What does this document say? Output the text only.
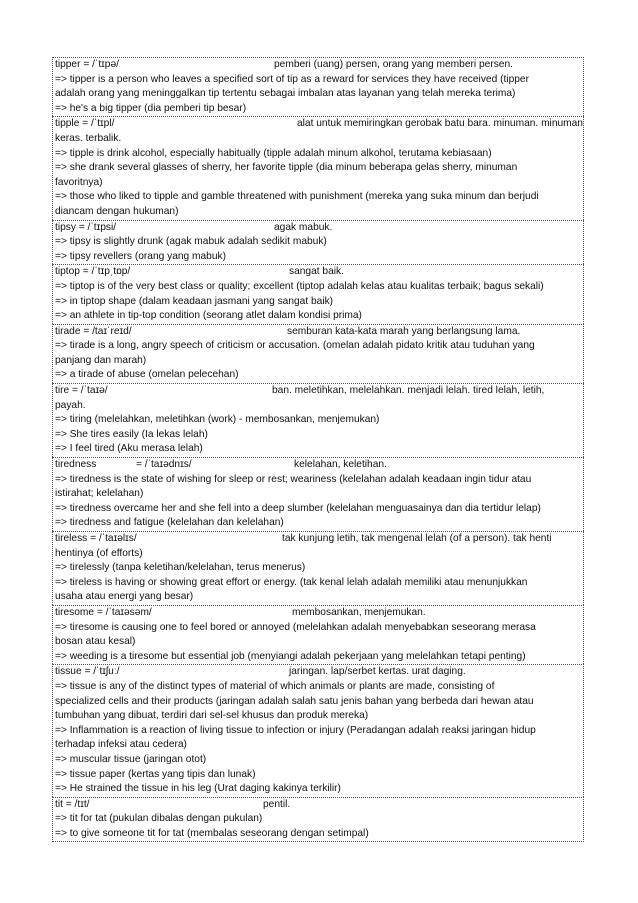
tipper = /ˈtɪpə/	pemberi (uang) persen, orang yang memberi persen.
=> tipper is a person who leaves a specified sort of tip as a reward for services they have received (tipper
adalah orang yang meninggalkan tip tertentu sebagai imbalan atas layanan yang telah mereka terima)
=> he's a big tipper (dia pemberi tip besar)
tipple = /ˈtɪpl/	alat untuk memiringkan gerobak batu bara. minuman. minuman
keras. terbalik.
=> tipple is drink alcohol, especially habitually (tipple adalah minum alkohol, terutama kebiasaan)
=> she drank several glasses of sherry, her favorite tipple (dia minum beberapa gelas sherry, minuman
favoritnya)
=> those who liked to tipple and gamble threatened with punishment (mereka yang suka minum dan berjudi
diancam dengan hukuman)
tipsy = /ˈtɪpsi/	agak mabuk.
=> tipsy is slightly drunk (agak mabuk adalah sedikit mabuk)
=> tipsy revellers (orang yang mabuk)
tiptop = /ˈtɪpˌtɒp/	sangat baik.
=> tiptop is of the very best class or quality; excellent (tiptop adalah kelas atau kualitas terbaik; bagus sekali)
=> in tiptop shape (dalam keadaan jasmani yang sangat baik)
=> an athlete in tip-top condition (seorang atlet dalam kondisi prima)
tirade = /taɪˈreɪd/	semburan kata-kata marah yang berlangsung lama.
=> tirade is a long, angry speech of criticism or accusation. (omelan adalah pidato kritik atau tuduhan yang
panjang dan marah)
=> a tirade of abuse (omelan pelecehan)
tire = /ˈtaɪə/	ban. meletihkan, melelahkan. menjadi lelah. tired lelah, letih,
payah.
=> tiring (melelahkan, meletihkan (work) - membosankan, menjemukan)
=> She tires easily (Ia lekas lelah)
=> I feel tired (Aku merasa lelah)
tiredness              = /ˈtaɪədnɪs/	kelelahan, keletihan.
=> tiredness is the state of wishing for sleep or rest; weariness (kelelahan adalah keadaan ingin tidur atau
istirahat; kelelahan)
=> tiredness overcame her and she fell into a deep slumber (kelelahan menguasainya dan dia tertidur lelap)
=> tiredness and fatigue (kelelahan dan kelelahan)
tireless = /ˈtaɪəlɪs/	tak kunjung letih, tak mengenal lelah (of a person). tak henti
hentinya (of efforts)
=> tirelessly (tanpa keletihan/kelelahan, terus menerus)
=> tireless is having or showing great effort or energy. (tak kenal lelah adalah memiliki atau menunjukkan
usaha atau energi yang besar)
tiresome = /ˈtaɪəsəm/	membosankan, menjemukan.
=> tiresome is causing one to feel bored or annoyed (melelahkan adalah menyebabkan seseorang merasa
bosan atau kesal)
=> weeding is a tiresome but essential job (menyiangi adalah pekerjaan yang melelahkan tetapi penting)
tissue = /ˈtɪʃuː/	jaringan. lap/serbet kertas. urat daging.
=> tissue is any of the distinct types of material of which animals or plants are made, consisting of
specialized cells and their products (jaringan adalah salah satu jenis bahan yang berbeda dari hewan atau
tumbuhan yang dibuat, terdiri dari sel-sel khusus dan produk mereka)
=> Inflammation is a reaction of living tissue to infection or injury (Peradangan adalah reaksi jaringan hidup
terhadap infeksi atau cedera)
=> muscular tissue (jaringan otot)
=> tissue paper (kertas yang tipis dan lunak)
=> He strained the tissue in his leg (Urat daging kakinya terkilir)
tit = /tɪt/	pentil.
=> tit for tat (pukulan dibalas dengan pukulan)
=> to give someone tit for tat (membalas seseorang dengan setimpal)
